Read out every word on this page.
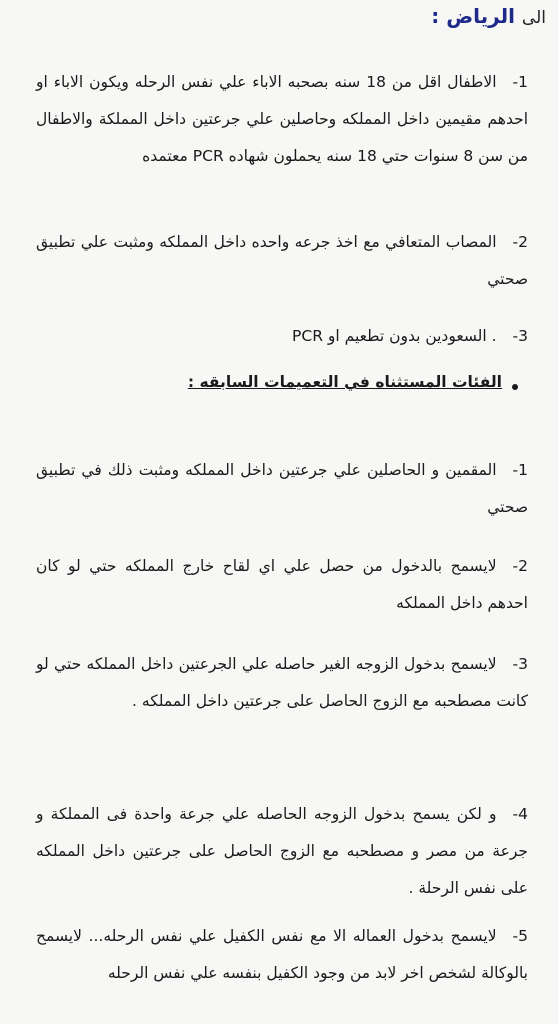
الى الرياض :
1-الاطفال اقل من 18 سنه بصحبه الاباء علي نفس الرحله ويكون الاباء او احدهم مقيمين داخل المملكه وحاصلين علي جرعتين داخل المملكة والاطفال من سن 8 سنوات حتي 18 سنه يحملون شهاده PCR معتمده
2-المصاب المتعافي مع اخذ جرعه واحده داخل المملكه ومثبت علي تطبيق صحتي
3-. السعودين بدون تطعيم او PCR
الفئات المستثناه في التعميمات السابقه :
1-المقمين و الحاصلين علي جرعتين داخل المملكه ومثبت ذلك في تطبيق صحتي
2-لايسمح بالدخول من حصل علي اي لقاح خارج المملكه حتي لو كان احدهم داخل المملكه
3-لايسمح بدخول الزوجه الغير حاصله علي الجرعتين داخل المملكه حتي لو كانت مصطحبه مع الزوج الحاصل على جرعتين داخل المملكه .
4-و لكن يسمح بدخول الزوجه الحاصله علي جرعة واحدة فى المملكة و جرعة من مصر و مصطحبه مع الزوج الحاصل على جرعتين داخل المملكه على نفس الرحلة .
5-لايسمح بدخول العماله الا مع نفس الكفيل علي نفس الرحله... لايسمح بالوكالة لشخص اخر لابد من وجود الكفيل بنفسه علي نفس الرحله
